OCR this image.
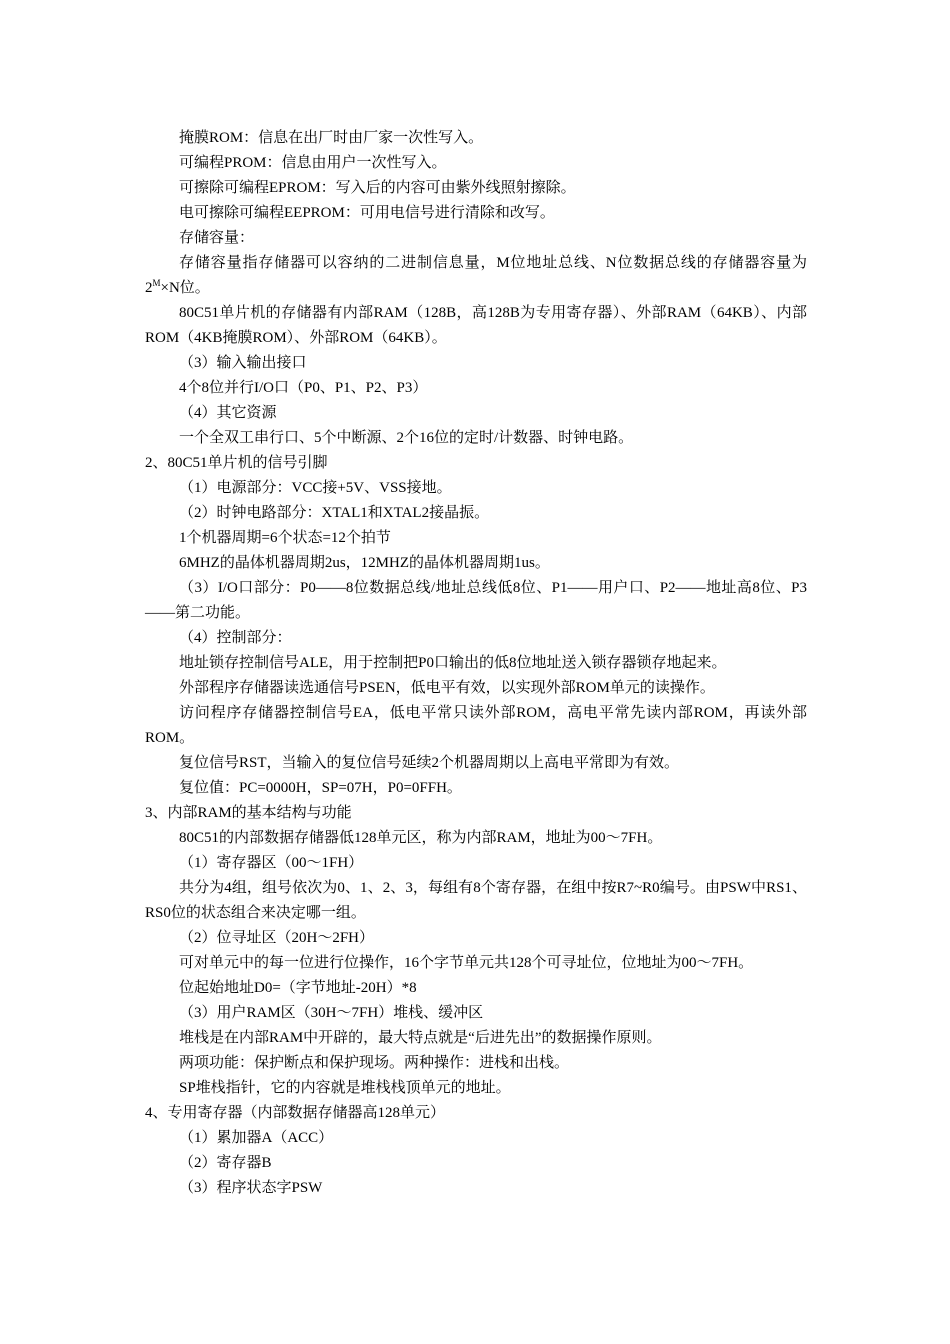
掩膜ROM：信息在出厂时由厂家一次性写入。

可编程PROM：信息由用户一次性写入。

可擦除可编程EPROM：写入后的内容可由紫外线照射擦除。

电可擦除可编程EEPROM：可用电信号进行清除和改写。

存储容量：

存储容量指存储器可以容纳的二进制信息量，M位地址总线、N位数据总线的存储器容量为$2^M\times N$位。

80C51单片机的存储器有内部RAM（128B，高128B为专用寄存器）、外部RAM（64KB）、内部ROM（4KB掩膜ROM）、外部ROM（64KB）。

（3）输入输出接口

4个8位并行I/O口（P0、P1、P2、P3）

（4）其它资源

一个全双工串行口、5个中断源、2个16位的定时/计数器、时钟电路。

2、80C51单片机的信号引脚

（1）电源部分：VCC接+5V、VSS接地。

（2）时钟电路部分：XTAL1和XTAL2接晶振。

1个机器周期=6个状态=12个拍节

6MHZ的晶体机器周期2us，12MHZ的晶体机器周期1us。

（3）I/O口部分：P0——8位数据总线/地址总线低8位、P1——用户口、P2——地址高8位、P3——第二功能。

（4）控制部分：

地址锁存控制信号ALE，用于控制把P0口输出的低8位地址送入锁存器锁存地起来。

外部程序存储器读选通信号PSEN，低电平有效，以实现外部ROM单元的读操作。

访问程序存储器控制信号EA，低电平常只读外部ROM，高电平常先读内部ROM，再读外部ROM。

复位信号RST，当输入的复位信号延续2个机器周期以上高电平常即为有效。

复位值：PC=0000H，SP=07H，P0=0FFH。

3、内部RAM的基本结构与功能

80C51的内部数据存储器低128单元区，称为内部RAM，地址为00～7FH。

（1）寄存器区（00～1FH）

共分为4组，组号依次为0、1、2、3，每组有8个寄存器，在组中按R7~R0编号。由PSW中RS1、RS0位的状态组合来决定哪一组。

（2）位寻址区（20H～2FH）

可对单元中的每一位进行位操作，16个字节单元共128个可寻址位，位地址为00～7FH。

位起始地址D0=（字节地址-20H）*8

（3）用户RAM区（30H～7FH）堆栈、缓冲区

堆栈是在内部RAM中开辟的，最大特点就是“后进先出”的数据操作原则。

两项功能：保护断点和保护现场。两种操作：进栈和出栈。

SP堆栈指针，它的内容就是堆栈栈顶单元的地址。

4、专用寄存器（内部数据存储器高128单元）

（1）累加器A（ACC）

（2）寄存器B

（3）程序状态字PSW
